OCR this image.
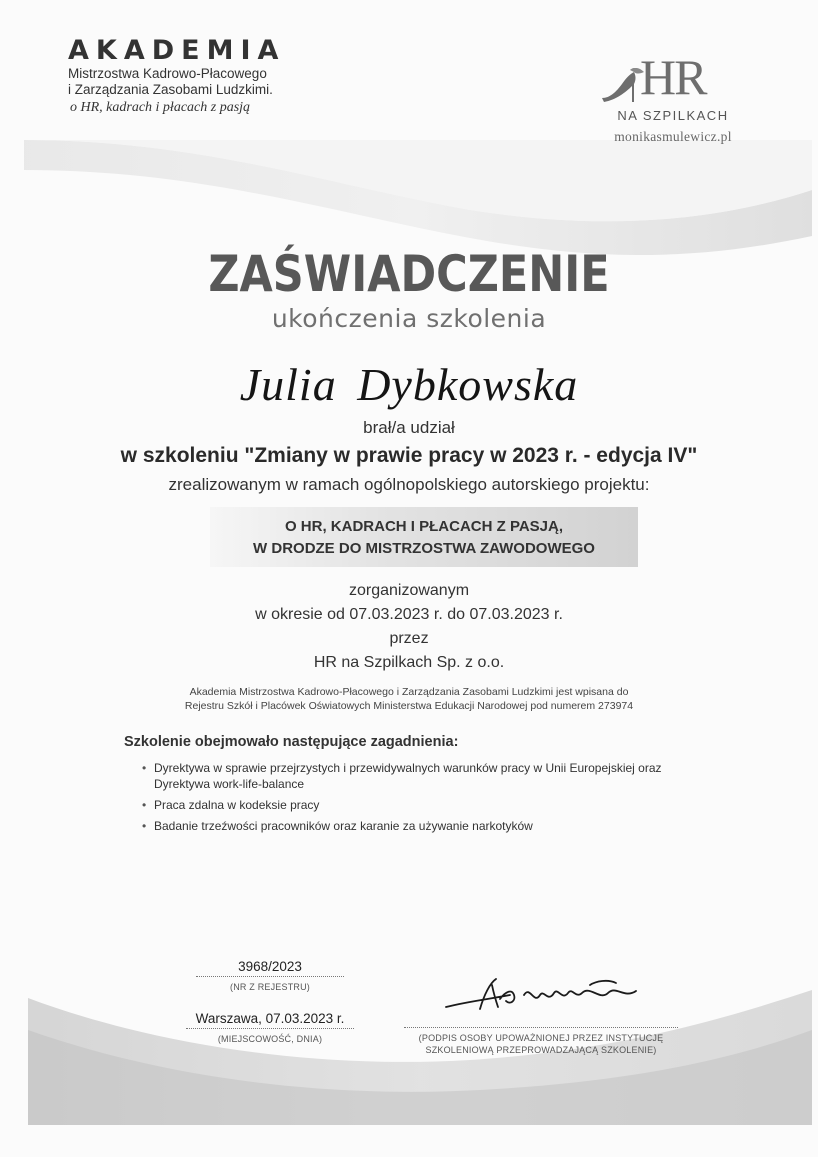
AKADEMIA
Mistrzostwa Kadrowo-Płacowego
i Zarządzania Zasobami Ludzkimi.
o HR, kadrach i płacach z pasją
HR
NA SZPILKACH
monikasmulewicz.pl
ZAŚWIADCZENIE
ukończenia szkolenia
Julia Dybkowska
brał/a udział
w szkoleniu "Zmiany w prawie pracy w 2023 r. - edycja IV"
zrealizowanym w ramach ogólnopolskiego autorskiego projektu:
O HR, KADRACH I PŁACACH Z PASJĄ,
W DRODZE DO MISTRZOSTWA ZAWODOWEGO
zorganizowanym
w okresie od 07.03.2023 r. do 07.03.2023 r.
przez
HR na Szpilkach Sp. z o.o.
Akademia Mistrzostwa Kadrowo-Płacowego i Zarządzania Zasobami Ludzkimi jest wpisana do
Rejestru Szkół i Placówek Oświatowych Ministerstwa Edukacji Narodowej pod numerem 273974
Szkolenie obejmowało następujące zagadnienia:
• Dyrektywa w sprawie przejrzystych i przewidywalnych warunków pracy w Unii Europejskiej oraz
Dyrektywa work-life-balance
• Praca zdalna w kodeksie pracy
• Badanie trzeźwości pracowników oraz karanie za używanie narkotyków
3968/2023
(NR Z REJESTRU)
Warszawa, 07.03.2023 r.
(MIEJSCOWOŚĆ, DNIA)	(PODPIS OSOBY UPOWAŻNIONEJ PRZEZ INSTYTUCJĘ
SZKOLENIOWĄ PRZEPROWADZAJĄCĄ SZKOLENIE)
